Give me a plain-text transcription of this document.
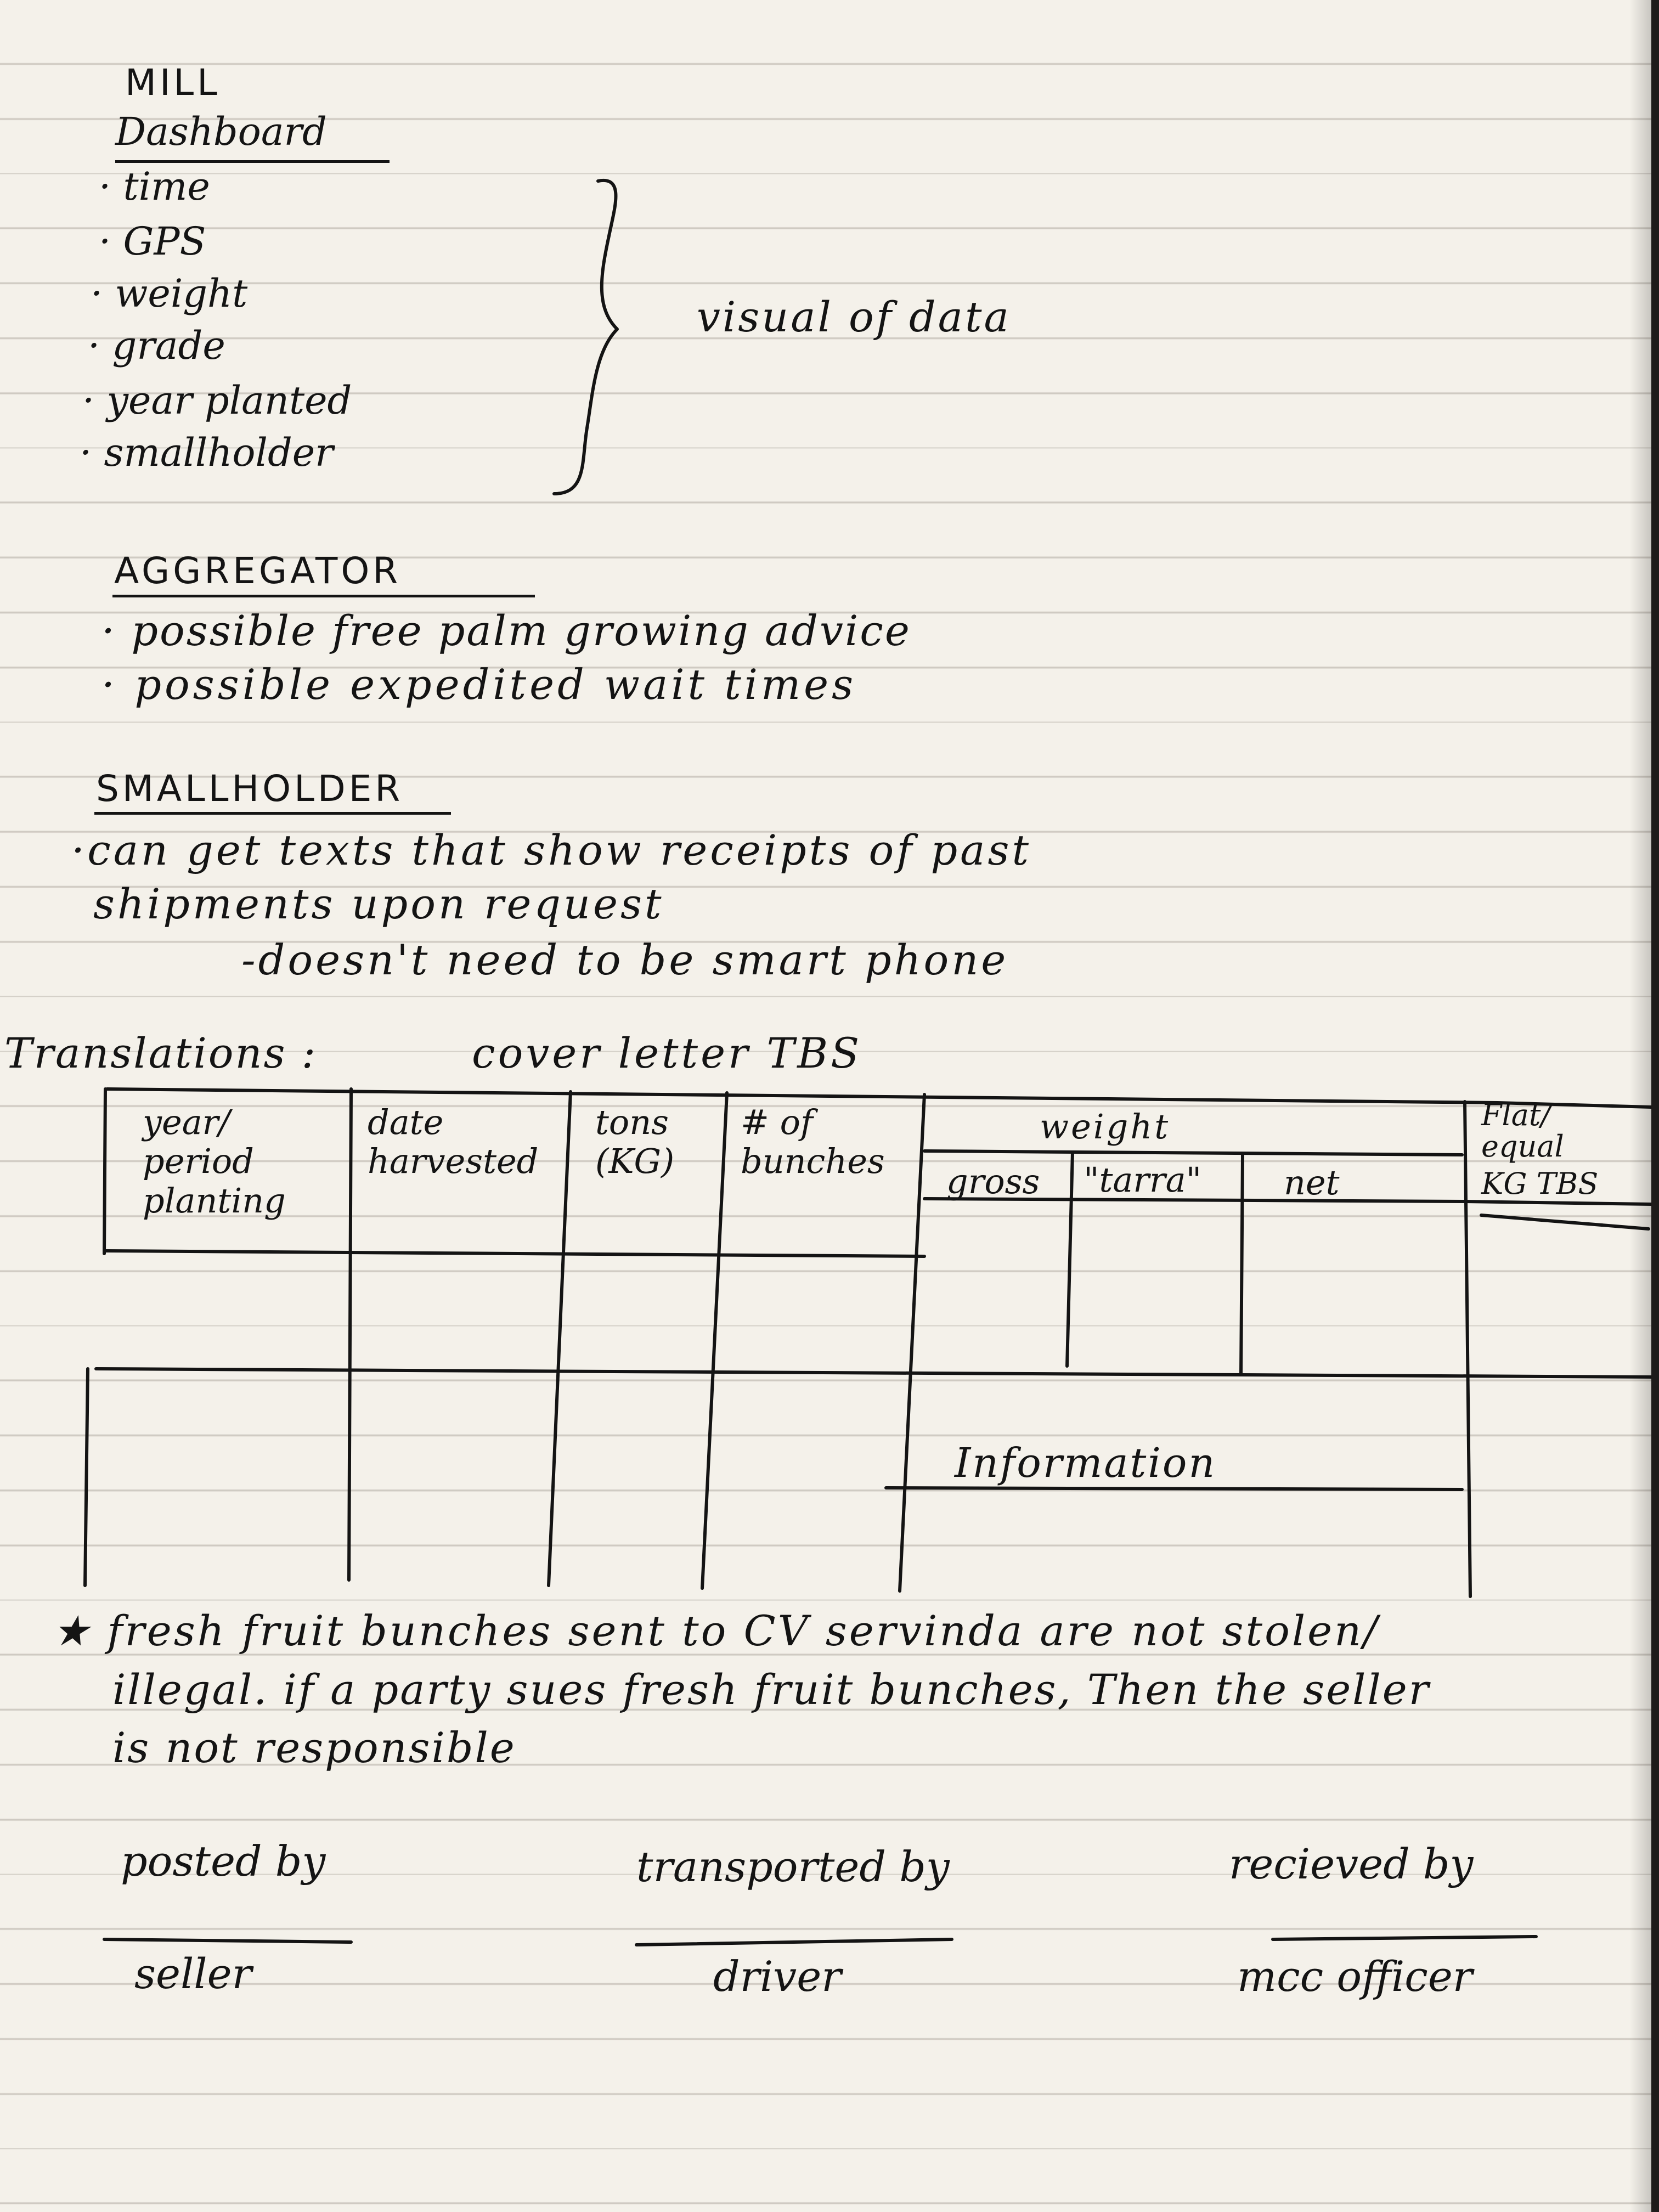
MILL
Dashboard
· time
· GPS
· weight
· grade
· year planted
· smallholder
visual of data
AGGREGATOR
· possible free palm growing advice
· possible expedited wait times
SMALLHOLDER
·can get texts that show receipts of past
shipments upon request
-doesn't need to be smart phone
Translations :	cover letter TBS
year/
period
planting
date
harvested
tons
(KG)
# of
bunches
weight
gross "tarra" net
Flat/
equal
KG TBS
Information
★ fresh fruit bunches sent to CV servinda are not stolen/
illegal. if a party sues fresh fruit bunches, Then the seller
is not responsible
posted by
seller
transported by
driver
recieved by
mcc officer
